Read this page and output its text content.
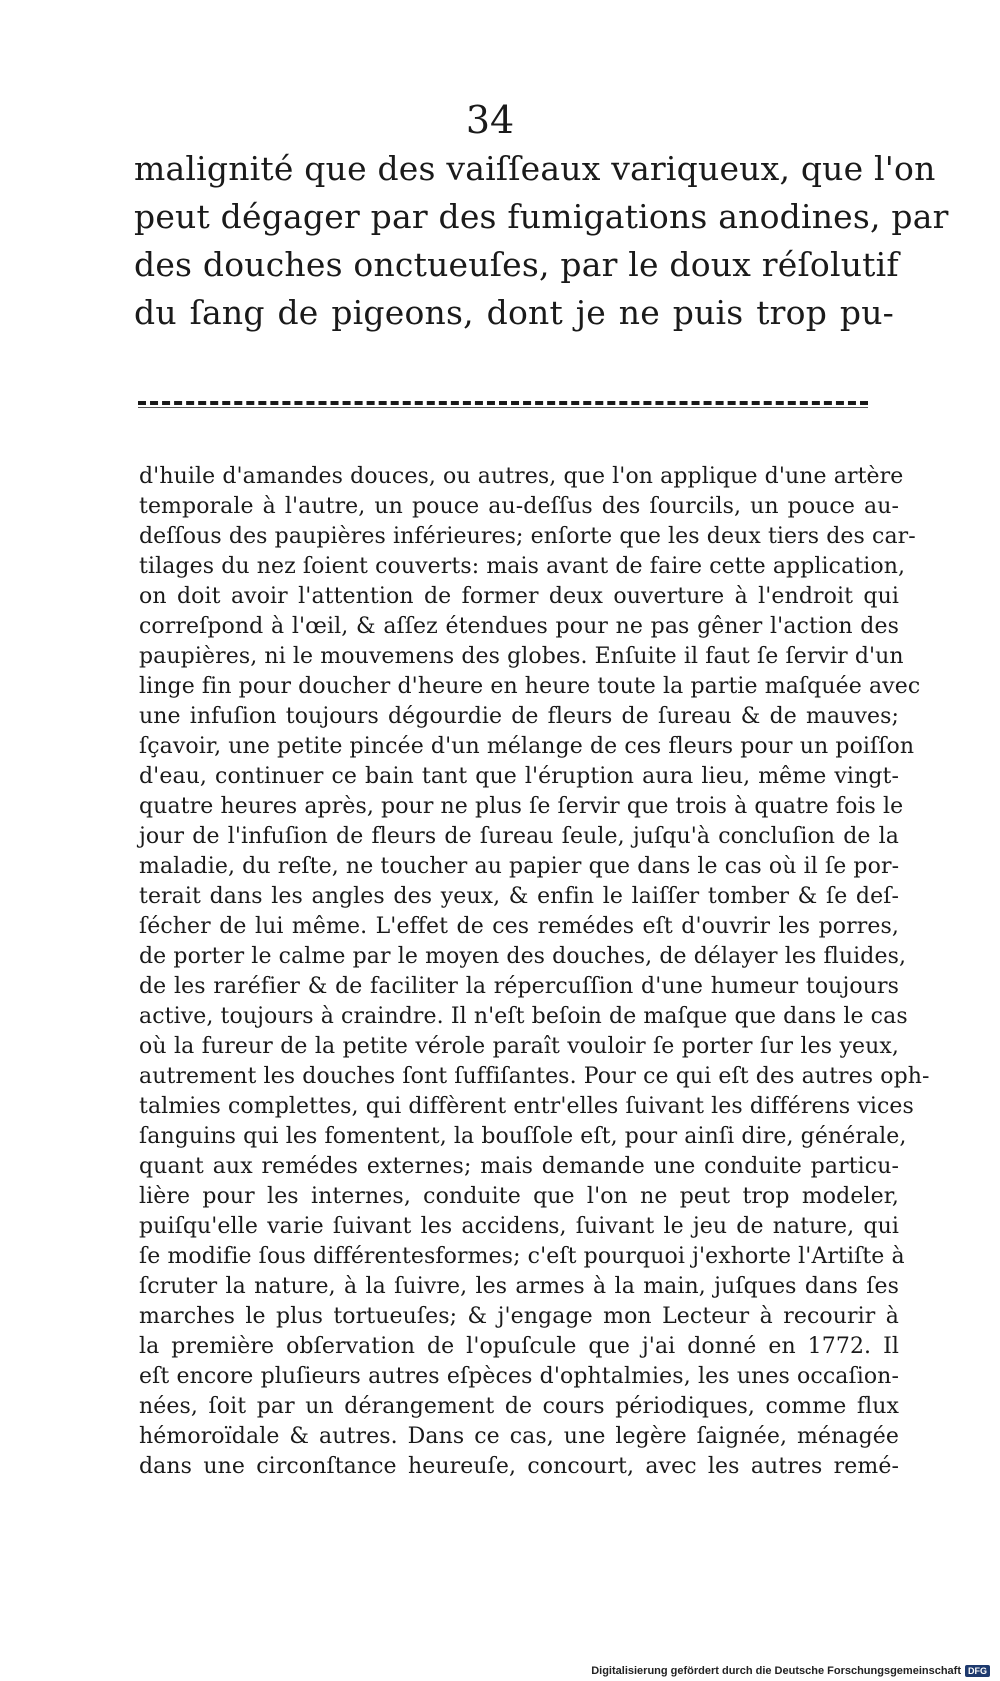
34
malignité que des vaiſſeaux variqueux, que l'on
peut dégager par des fumigations anodines, par
des douches onctueuſes, par le doux réſolutif
du ſang de pigeons, dont je ne puis trop pu-
d'huile d'amandes douces, ou autres, que l'on applique d'une artère
temporale à l'autre, un pouce au-deſſus des ſourcils, un pouce au-
deſſous des paupières inférieures; enſorte que les deux tiers des car-
tilages du nez ſoient couverts: mais avant de faire cette application,
on doit avoir l'attention de former deux ouverture à l'endroit qui
correſpond à l'œil, & aſſez étendues pour ne pas gêner l'action des
paupières, ni le mouvemens des globes. Enſuite il faut ſe ſervir d'un
linge fin pour doucher d'heure en heure toute la partie maſquée avec
une infuſion toujours dégourdie de fleurs de ſureau & de mauves;
ſçavoir, une petite pincée d'un mélange de ces fleurs pour un poiſſon
d'eau, continuer ce bain tant que l'éruption aura lieu, même vingt-
quatre heures après, pour ne plus ſe ſervir que trois à quatre fois le
jour de l'infuſion de fleurs de ſureau ſeule, juſqu'à concluſion de la
maladie, du reſte, ne toucher au papier que dans le cas où il ſe por-
terait dans les angles des yeux, & enfin le laiſſer tomber & ſe deſ-
ſécher de lui même. L'effet de ces remédes eſt d'ouvrir les porres,
de porter le calme par le moyen des douches, de délayer les fluides,
de les raréfier & de faciliter la répercuſſion d'une humeur toujours
active, toujours à craindre. Il n'eſt beſoin de maſque que dans le cas
où la fureur de la petite vérole paraît vouloir ſe porter ſur les yeux,
autrement les douches ſont ſuffiſantes. Pour ce qui eſt des autres oph-
talmies complettes, qui diffèrent entr'elles ſuivant les différens vices
ſanguins qui les fomentent, la bouſſole eſt, pour ainſi dire, générale,
quant aux remédes externes; mais demande une conduite particu-
lière pour les internes, conduite que l'on ne peut trop modeler,
puiſqu'elle varie ſuivant les accidens, ſuivant le jeu de nature, qui
ſe modifie ſous différentesformes; c'eſt pourquoi j'exhorte l'Artiſte à
ſcruter la nature, à la ſuivre, les armes à la main, juſques dans ſes
marches le plus tortueuſes; & j'engage mon Lecteur à recourir à
la première obſervation de l'opuſcule que j'ai donné en 1772. Il
eſt encore pluſieurs autres eſpèces d'ophtalmies, les unes occaſion-
nées, ſoit par un dérangement de cours périodiques, comme flux
hémoroïdale & autres. Dans ce cas, une legère ſaignée, ménagée
dans une circonſtance heureuſe, concourt, avec les autres remé-
Digitalisierung gefördert durch die Deutsche Forschungsgemeinschaft DFG
